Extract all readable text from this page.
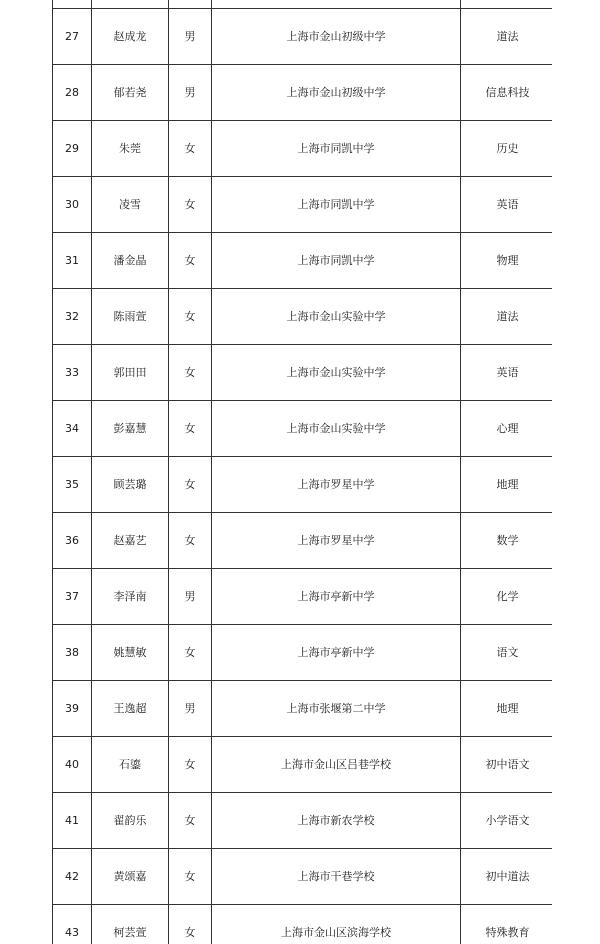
27	赵成龙	男	上海市金山初级中学	道法
28	郁若尧	男	上海市金山初级中学	信息科技
29	朱莞	女	上海市同凯中学	历史
30	凌雪	女	上海市同凯中学	英语
31	潘金晶	女	上海市同凯中学	物理
32	陈雨萱	女	上海市金山实验中学	道法
33	郭田田	女	上海市金山实验中学	英语
34	彭嘉慧	女	上海市金山实验中学	心理
35	顾芸璐	女	上海市罗星中学	地理
36	赵嘉艺	女	上海市罗星中学	数学
37	李泽南	男	上海市亭新中学	化学
38	姚慧敏	女	上海市亭新中学	语文
39	王逸超	男	上海市张堰第二中学	地理
40	石鎏	女	上海市金山区吕巷学校	初中语文
41	翟韵乐	女	上海市新农学校	小学语文
42	黄颂嘉	女	上海市干巷学校	初中道法
43	柯芸萱	女	上海市金山区滨海学校	特殊教育
